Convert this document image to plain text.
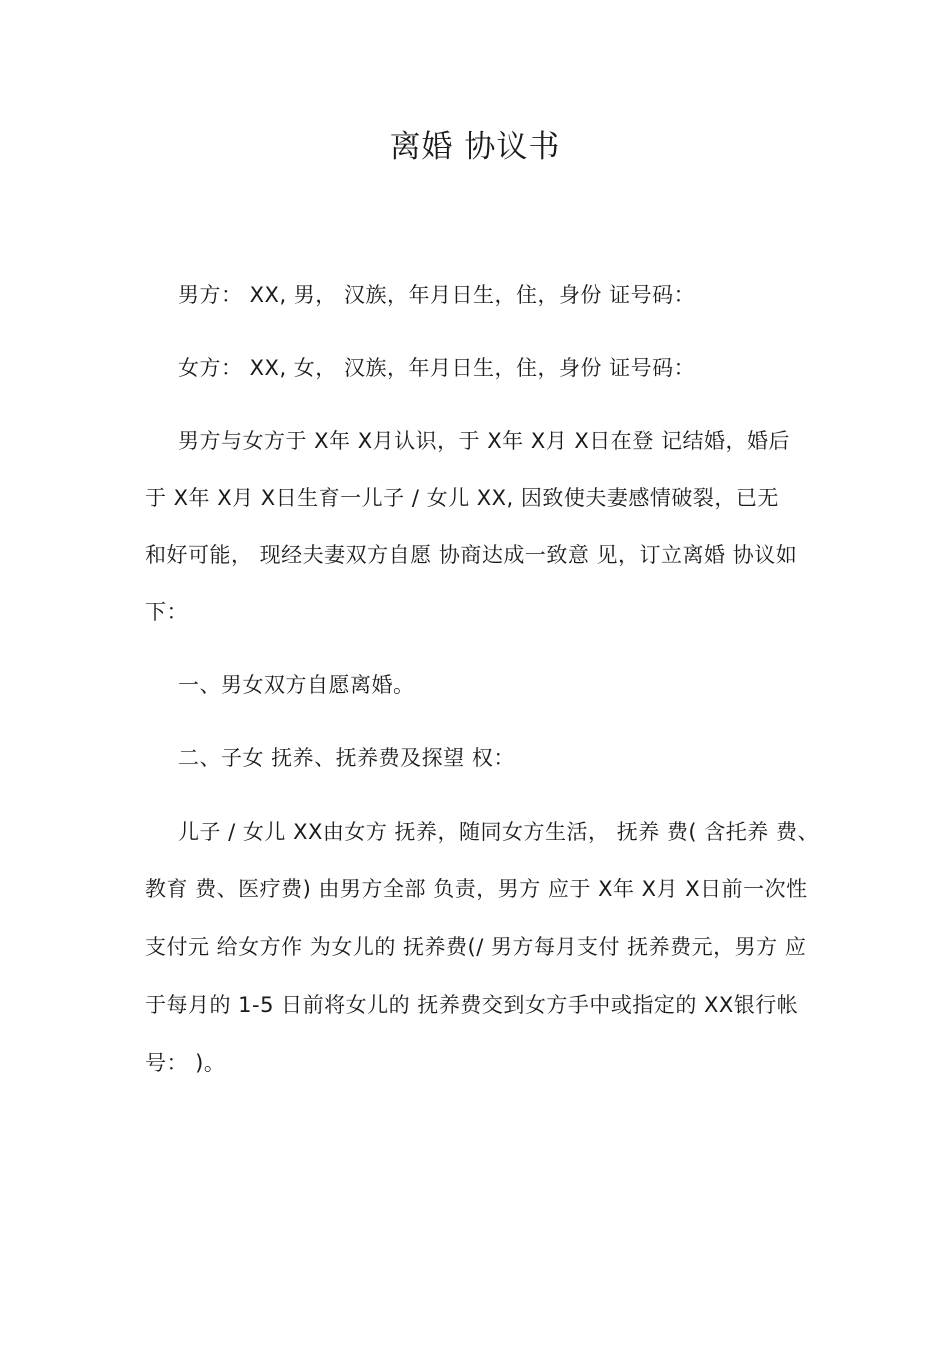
离婚 协议书
男方： XX, 男， 汉族，年月日生，住，身份 证号码：
女方： XX, 女， 汉族，年月日生，住，身份 证号码：
男方与女方于 X年 X月认识，于 X年 X月 X日在登 记结婚，婚后
于 X年 X月 X日生育一儿子 / 女儿 XX, 因致使夫妻感情破裂，已无
和好可能， 现经夫妻双方自愿 协商达成一致意 见，订立离婚 协议如
下：
一、男女双方自愿离婚。
二、子女 抚养、抚养费及探望 权：
儿子 / 女儿 XX由女方 抚养，随同女方生活， 抚养 费( 含托养 费、
教育 费、医疗费) 由男方全部 负责，男方 应于 X年 X月 X日前一次性
支付元 给女方作 为女儿的 抚养费(/ 男方每月支付 抚养费元，男方 应
于每月的 1-5 日前将女儿的 抚养费交到女方手中或指定的 XX银行帐
号： )。
